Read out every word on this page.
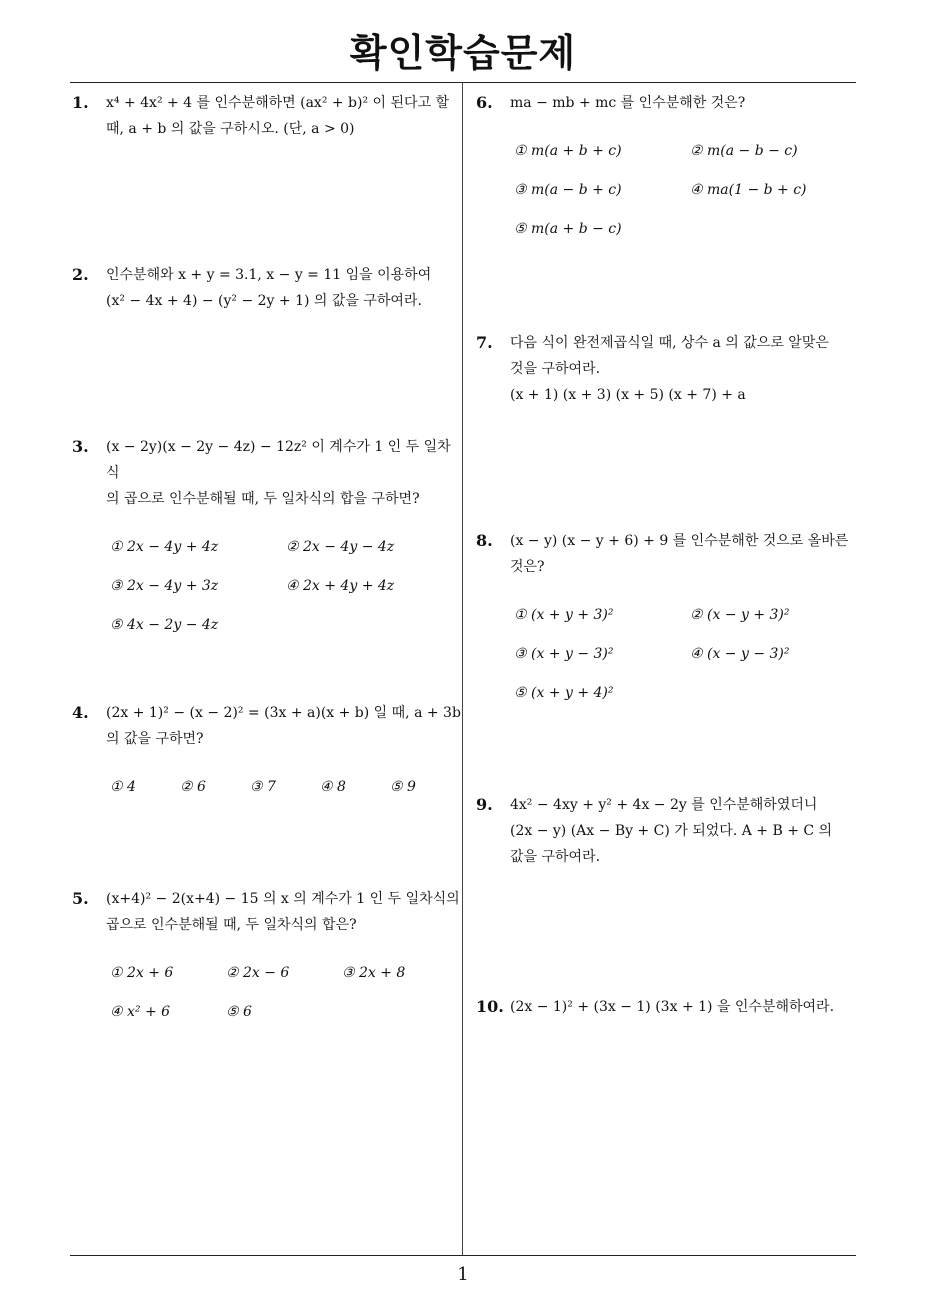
확인학습문제
1
1. x⁴ + 4x² + 4 를 인수분해하면 (ax² + b)² 이 된다고 할
때, a + b 의 값을 구하시오. (단, a > 0)
2. 인수분해와 x + y = 3.1, x − y = 11 임을 이용하여
(x² − 4x + 4) − (y² − 2y + 1) 의 값을 구하여라.
3. (x − 2y)(x − 2y − 4z) − 12z² 이 계수가 1 인 두 일차식
의 곱으로 인수분해될 때, 두 일차식의 합을 구하면?
① 2x − 4y + 4z	② 2x − 4y − 4z
③ 2x − 4y + 3z	④ 2x + 4y + 4z
⑤ 4x − 2y − 4z
4. (2x + 1)² − (x − 2)² = (3x + a)(x + b) 일 때, a + 3b
의 값을 구하면?
① 4	② 6	③ 7	④ 8	⑤ 9
5. (x+4)² − 2(x+4) − 15 의 x 의 계수가 1 인 두 일차식의
곱으로 인수분해될 때, 두 일차식의 합은?
① 2x + 6	② 2x − 6	③ 2x + 8
④ x² + 6	⑤ 6
6. ma − mb + mc 를 인수분해한 것은?
① m(a + b + c)	② m(a − b − c)
③ m(a − b + c)	④ ma(1 − b + c)
⑤ m(a + b − c)
7. 다음 식이 완전제곱식일 때, 상수 a 의 값으로 알맞은
것을 구하여라.
(x + 1) (x + 3) (x + 5) (x + 7) + a
8. (x − y) (x − y + 6) + 9 를 인수분해한 것으로 올바른
것은?
① (x + y + 3)²	② (x − y + 3)²
③ (x + y − 3)²	④ (x − y − 3)²
⑤ (x + y + 4)²
9. 4x² − 4xy + y² + 4x − 2y 를 인수분해하였더니
(2x − y) (Ax − By + C) 가 되었다. A + B + C 의
값을 구하여라.
10. (2x − 1)² + (3x − 1) (3x + 1) 을 인수분해하여라.
